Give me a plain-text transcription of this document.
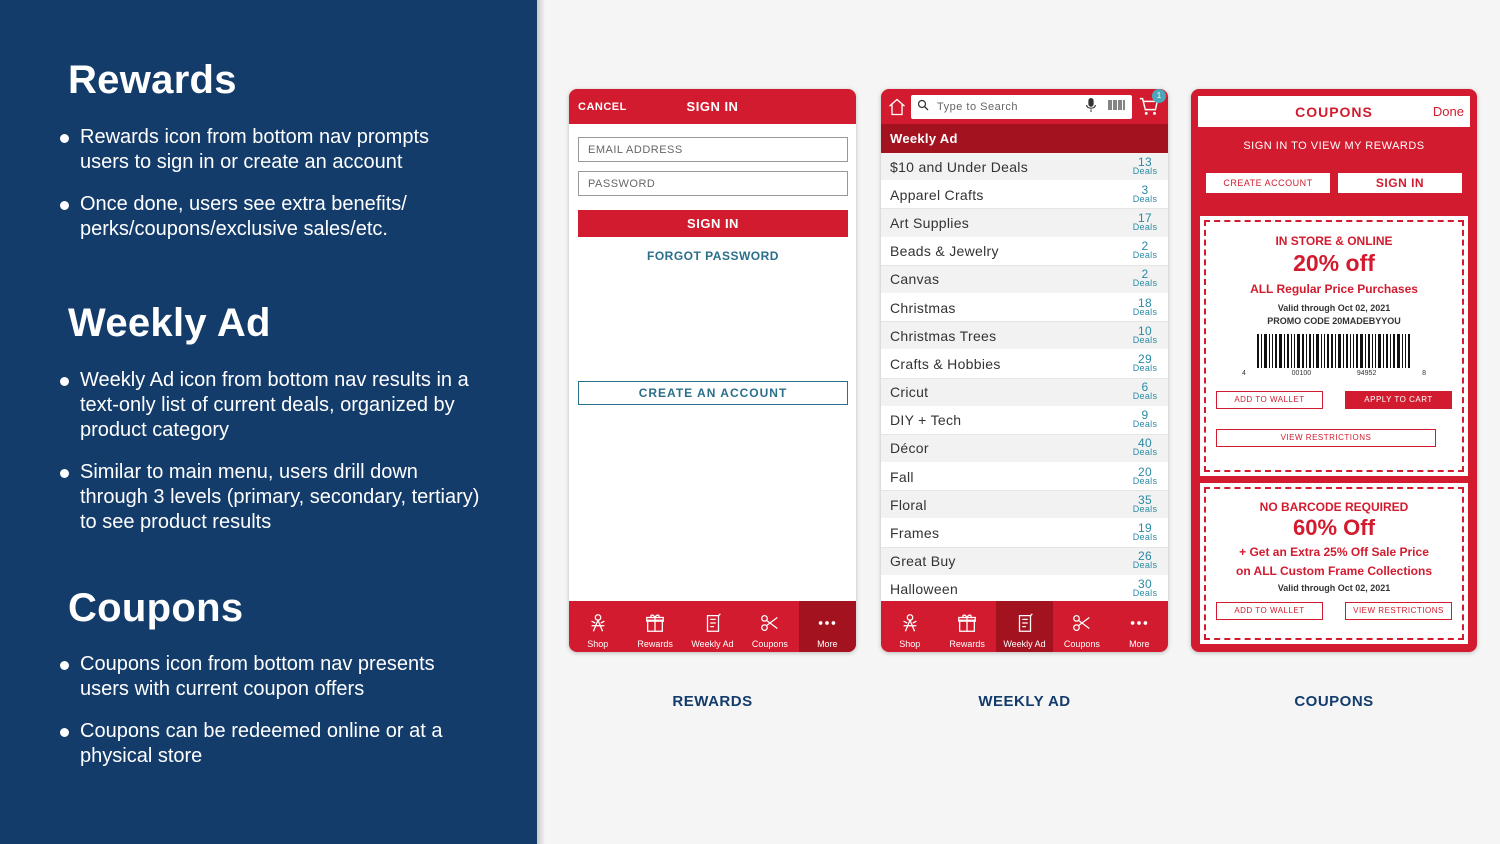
Rewards
Rewards icon from bottom nav prompts users to sign in or create an account
Once done, users see extra benefits/ perks/coupons/exclusive sales/etc.
Weekly Ad
Weekly Ad icon from bottom nav results in a text-only list of current deals, organized by product category
Similar to main menu, users drill down through 3 levels (primary, secondary, tertiary) to see product results
Coupons
Coupons icon from bottom nav presents users with current coupon offers
Coupons can be redeemed online or at a physical store
CANCEL	SIGN IN
EMAIL ADDRESS
PASSWORD
SIGN IN
FORGOT PASSWORD
CREATE AN ACCOUNT
Shop	Rewards Weekly Ad Coupons	More
Type to Search
1
Weekly Ad
$10 and Under Deals	13
Deals
Apparel Crafts	3
Deals
Art Supplies	17
Deals
Beads & Jewelry	2
Deals
Canvas	2
Deals
Christmas	18
Deals
Christmas Trees	10
Deals
Crafts & Hobbies	29
Deals
Cricut	6
Deals
DIY + Tech	9
Deals
Décor	40
Deals
Fall	20
Deals
Floral	35
Deals
Frames	19
Deals
Great Buy	26
Deals
Halloween	30
Deals
Shop	Rewards Weekly Ad Coupons	More
COUPONS	Done
SIGN IN TO VIEW MY REWARDS
CREATE ACCOUNT	SIGN IN
IN STORE & ONLINE
20% off
ALL Regular Price Purchases
Valid through Oct 02, 2021
PROMO CODE 20MADEBYYOU
4	00100	94952	8
ADD TO WALLET	APPLY TO CART
VIEW RESTRICTIONS
NO BARCODE REQUIRED
60% Off
+ Get an Extra 25% Off Sale Price
on ALL Custom Frame Collections
Valid through Oct 02, 2021
ADD TO WALLET	VIEW RESTRICTIONS
REWARDS	WEEKLY AD	COUPONS
